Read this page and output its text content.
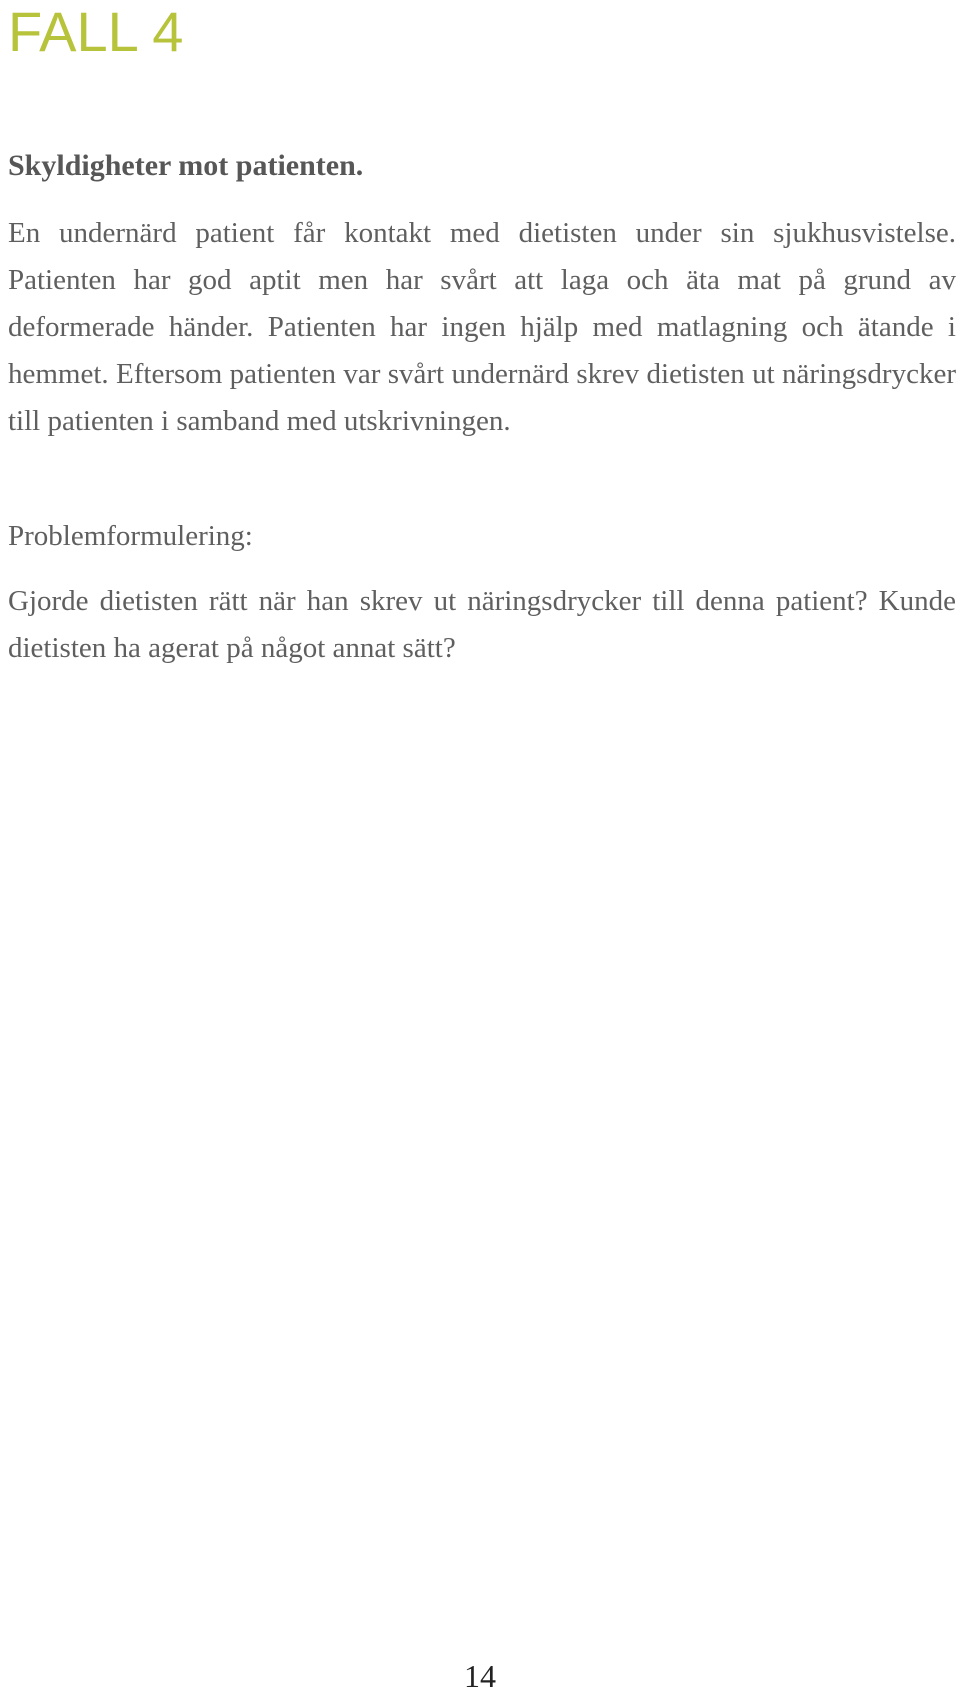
FALL 4
Skyldigheter mot patienten.

En undernärd patient får kontakt med dietisten under sin sjukhusvistelse. Patienten har god aptit men har svårt att laga och äta mat på grund av deformerade händer. Patienten har ingen hjälp med matlagning och ätande i hemmet. Eftersom patienten var svårt undernärd skrev dietisten ut näringsdrycker till patienten i samband med utskrivningen.

Problemformulering:

Gjorde dietisten rätt när han skrev ut näringsdrycker till denna patient? Kunde dietisten ha agerat på något annat sätt?

14
